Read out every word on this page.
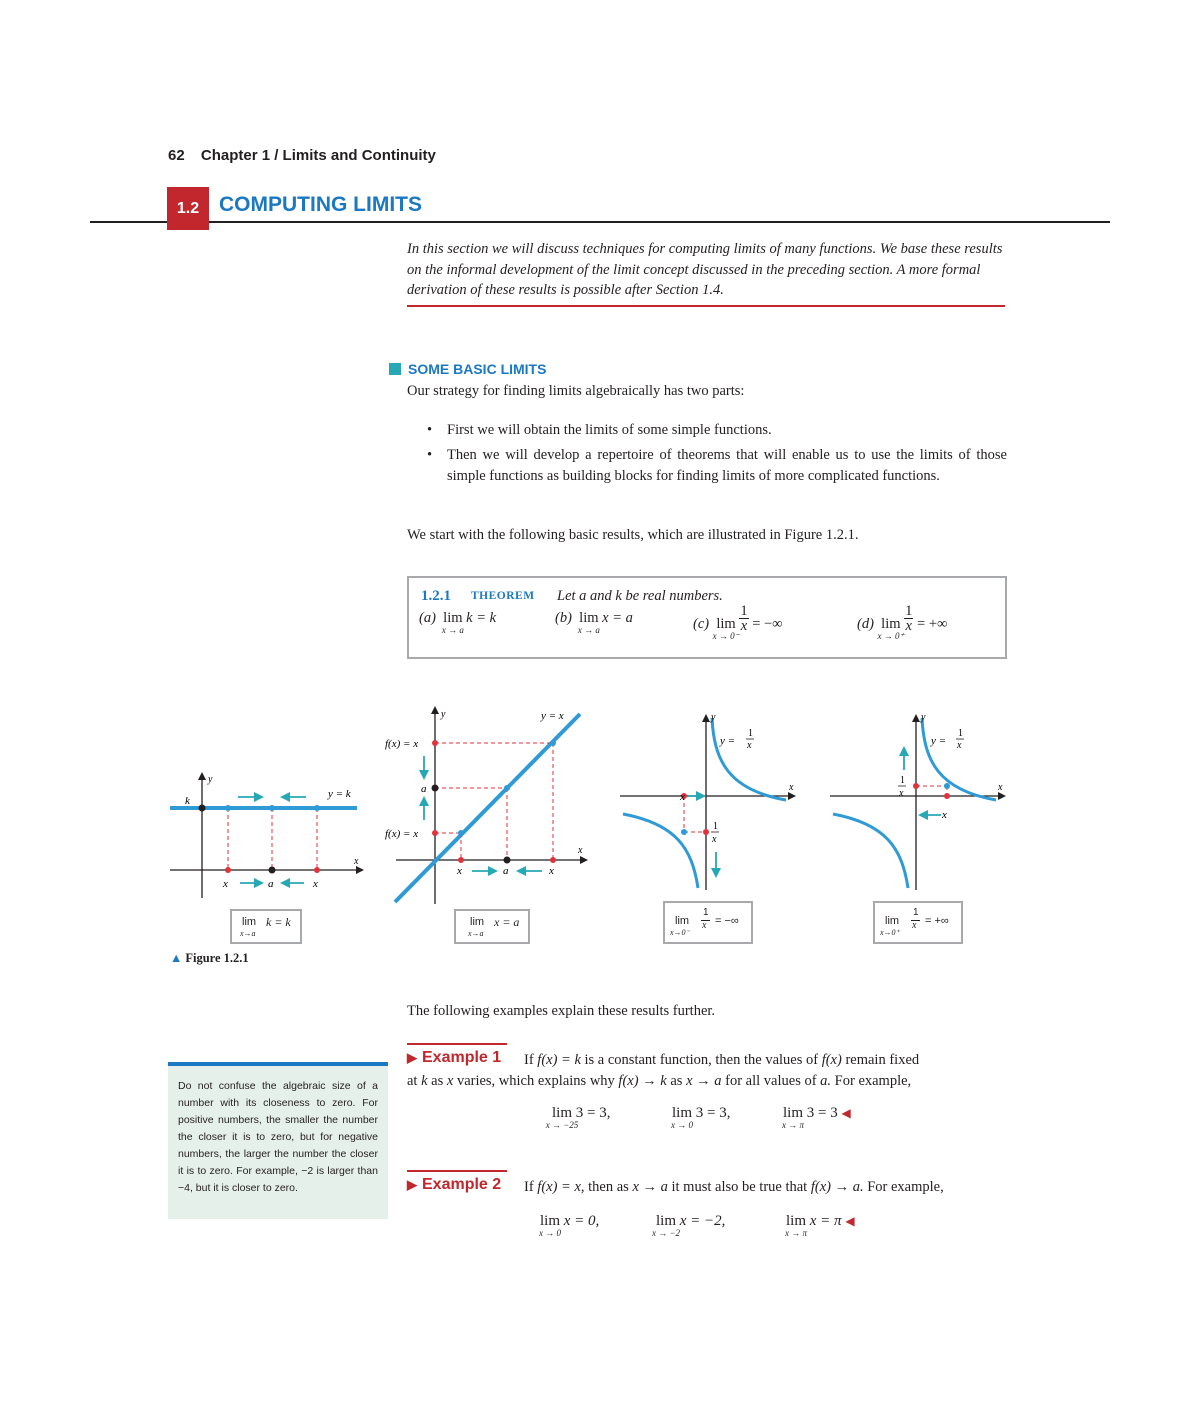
62 Chapter 1 / Limits and Continuity
1.2 COMPUTING LIMITS
In this section we will discuss techniques for computing limits of many functions. We base these results on the informal development of the limit concept discussed in the preceding section. A more formal derivation of these results is possible after Section 1.4.
SOME BASIC LIMITS
Our strategy for finding limits algebraically has two parts:
• First we will obtain the limits of some simple functions.
• Then we will develop a repertoire of theorems that will enable us to use the limits of those simple functions as building blocks for finding limits of more complicated functions.
We start with the following basic results, which are illustrated in Figure 1.2.1.
1.2.1 THEOREM Let a and k be real numbers.
(a) lim
x → a
k = k	(b) lim
x → a
x = a	(c) lim
x → 0⁻

$\frac{1}{x}$ = −∞	(d) lim
x → 0⁺

$\frac{1}{x}$ = +∞
y
x
k
y = k
x	a	x
y
x
y = x
f(x) = x
a
f(x) = x
x	a	x
y
x
y =
1
x
x
1
x
y
x
y =
1
x
x
1
x
lim k = k
x→a
lim x = a
x→a
lim
1
x = −∞
x→0⁻
lim
1
x = +∞
x→0⁺
▲ Figure 1.2.1
The following examples explain these results further.
Do not confuse the algebraic size of a number with its closeness to zero. For positive numbers, the smaller the number the closer it is to zero, but for negative numbers, the larger the number the closer it is to zero. For example, −2 is larger than −4, but it is closer to zero.
▶ Example 1 If f(x) = k is a constant function, then the values of f(x) remain fixed
at k as x varies, which explains why f(x) → k as x → a for all values of a. For example,
lim
x → −25
3 = 3,	lim
x → 0
3 = 3,	lim
x → π
3 = 3 ◀
▶ Example 2 If f(x) = x, then as x → a it must also be true that f(x) → a. For example,
lim
x → 0
x = 0,	lim
x → −2
x = −2,	lim
x → π
x = π ◀
